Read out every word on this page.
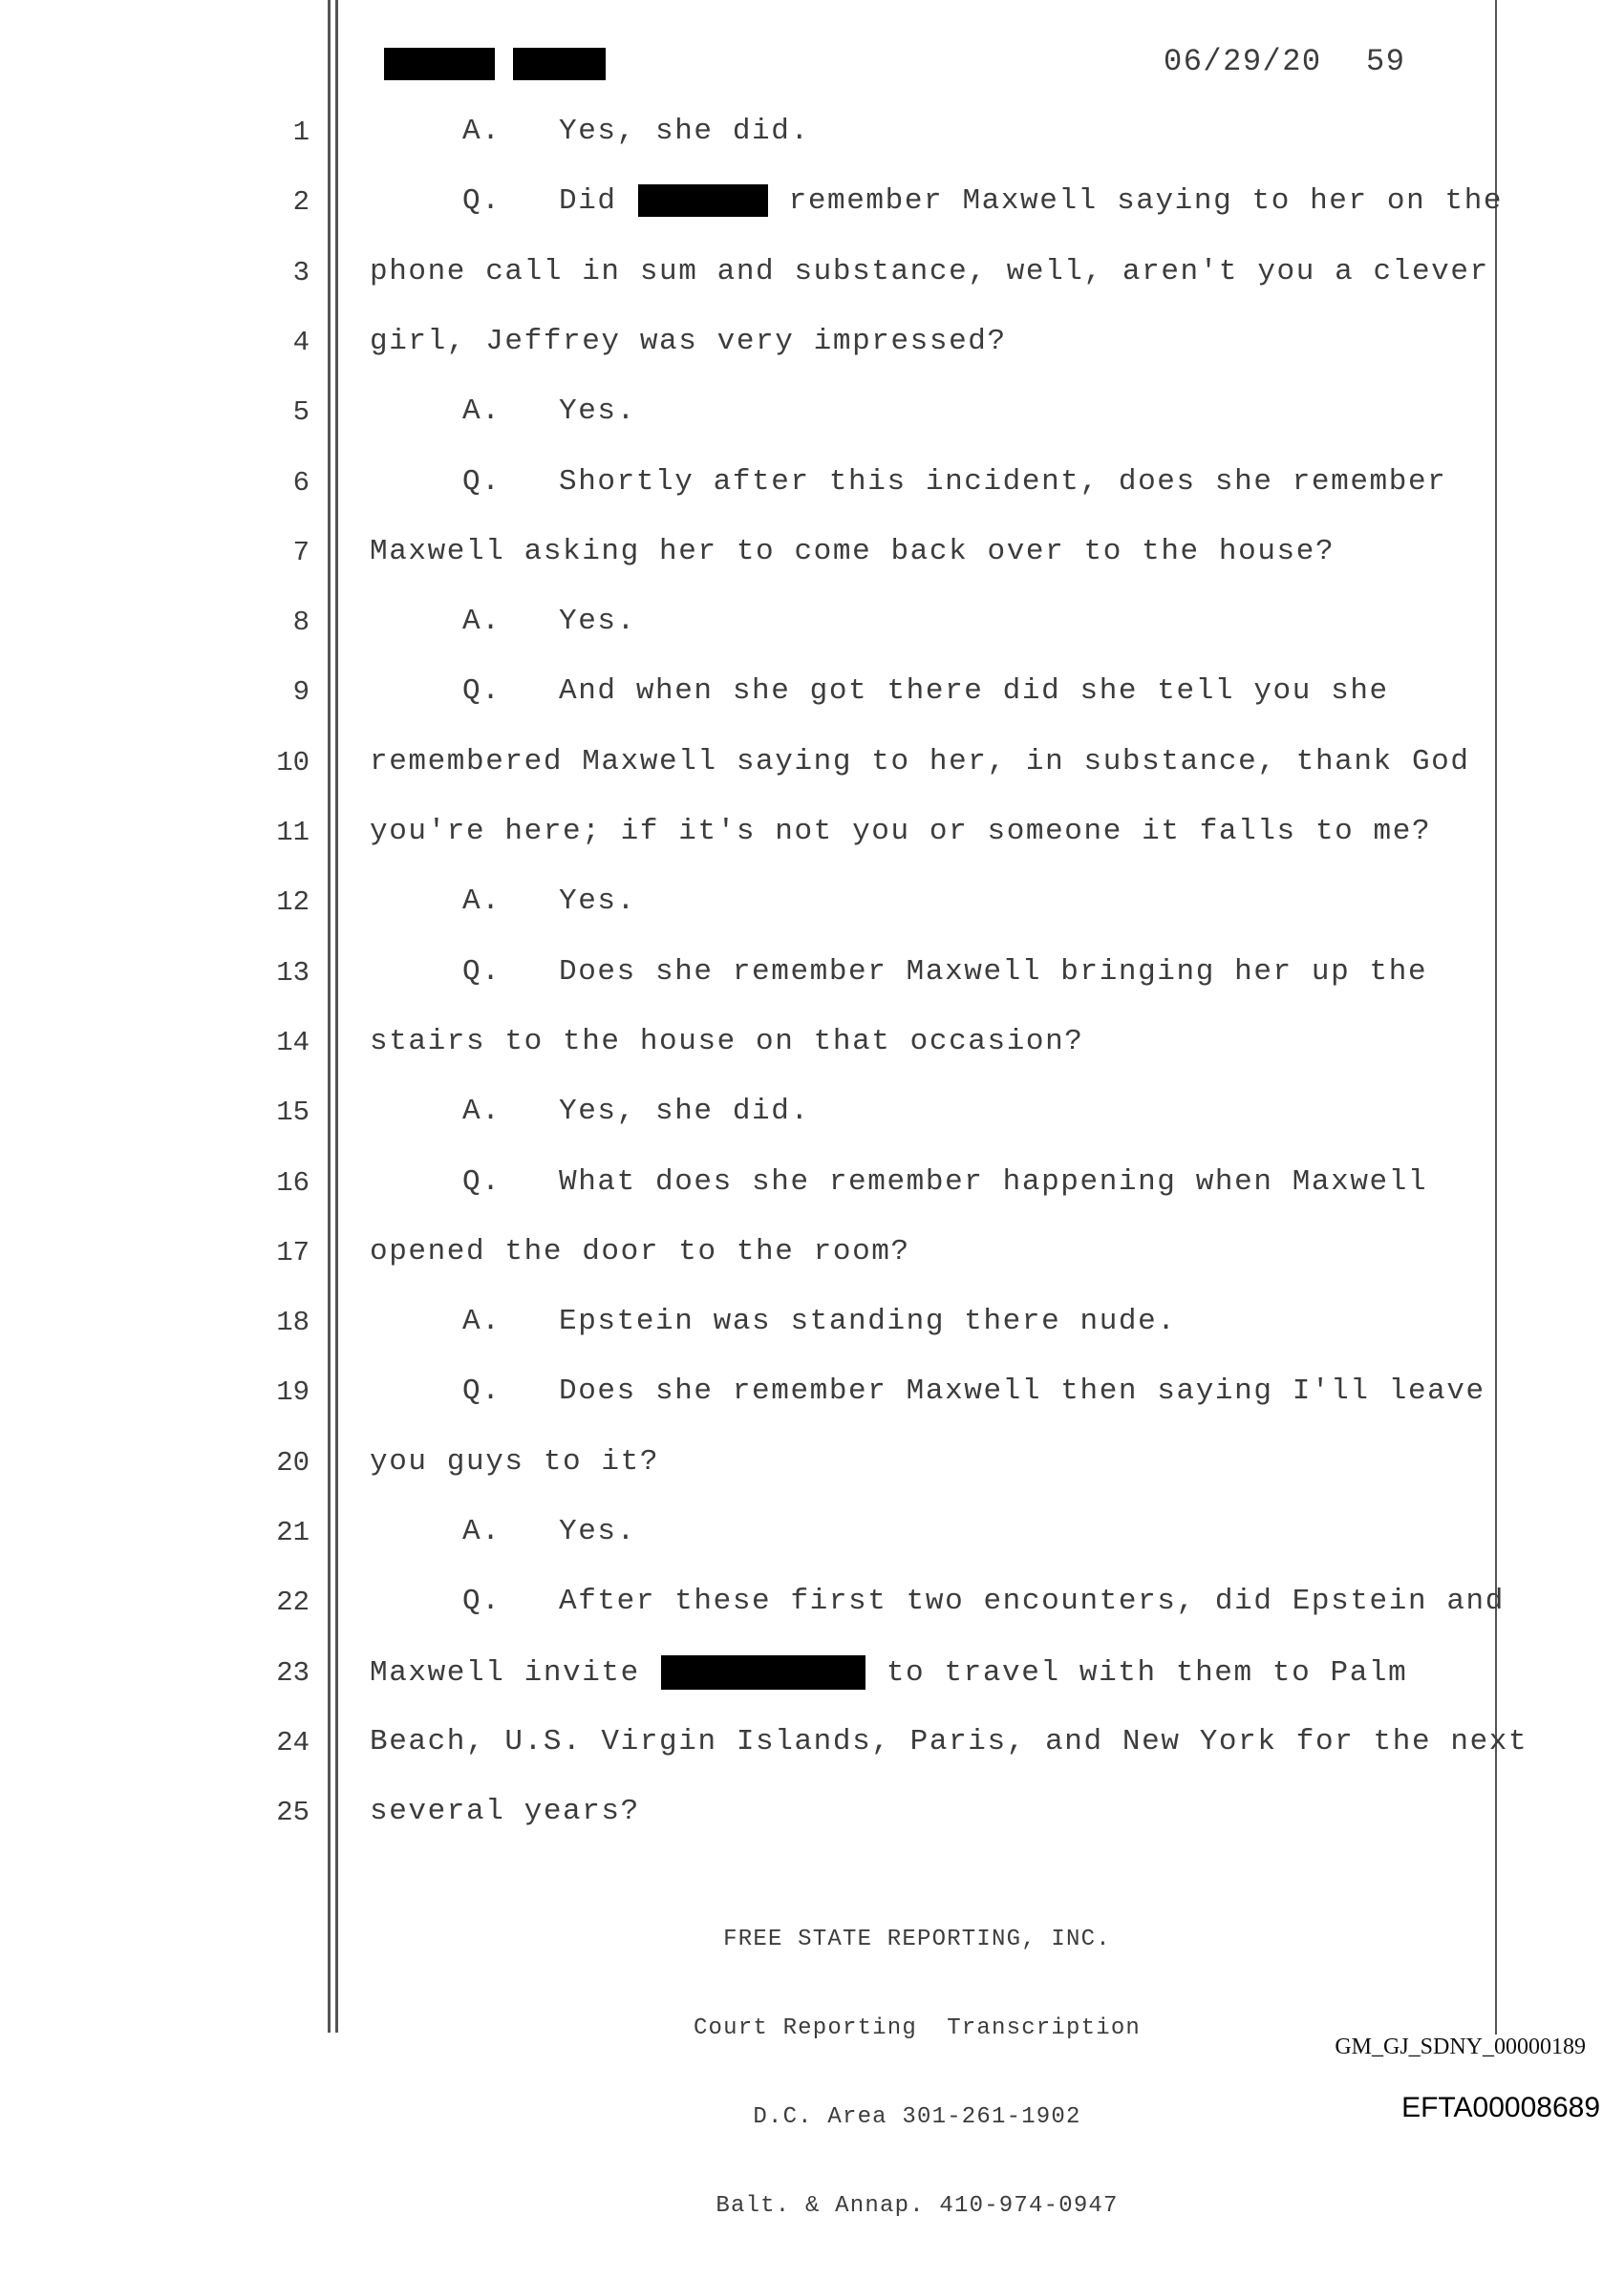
06/29/20 59
1	A.   Yes, she did.
2	Q.   Did	remember Maxwell saying to her on the
3 phone call in sum and substance, well, aren't you a clever
4 girl, Jeffrey was very impressed?
5	A.   Yes.
6	Q.   Shortly after this incident, does she remember
7 Maxwell asking her to come back over to the house?
8	A.   Yes.
9	Q.   And when she got there did she tell you she
10 remembered Maxwell saying to her, in substance, thank God
11 you're here; if it's not you or someone it falls to me?
12	A.   Yes.
13	Q.   Does she remember Maxwell bringing her up the
14 stairs to the house on that occasion?
15	A.   Yes, she did.
16	Q.   What does she remember happening when Maxwell
17 opened the door to the room?
18	A.   Epstein was standing there nude.
19	Q.   Does she remember Maxwell then saying I'll leave
20 you guys to it?
21	A.   Yes.
22	Q.   After these first two encounters, did Epstein and
23 Maxwell invite	to travel with them to Palm
24 Beach, U.S. Virgin Islands, Paris, and New York for the next
25 several years?

FREE STATE REPORTING, INC.

Court Reporting  Transcription

D.C. Area 301-261-1902

Balt. & Annap. 410-974-0947

GM_GJ_SDNY_00000189
EFTA00008689
